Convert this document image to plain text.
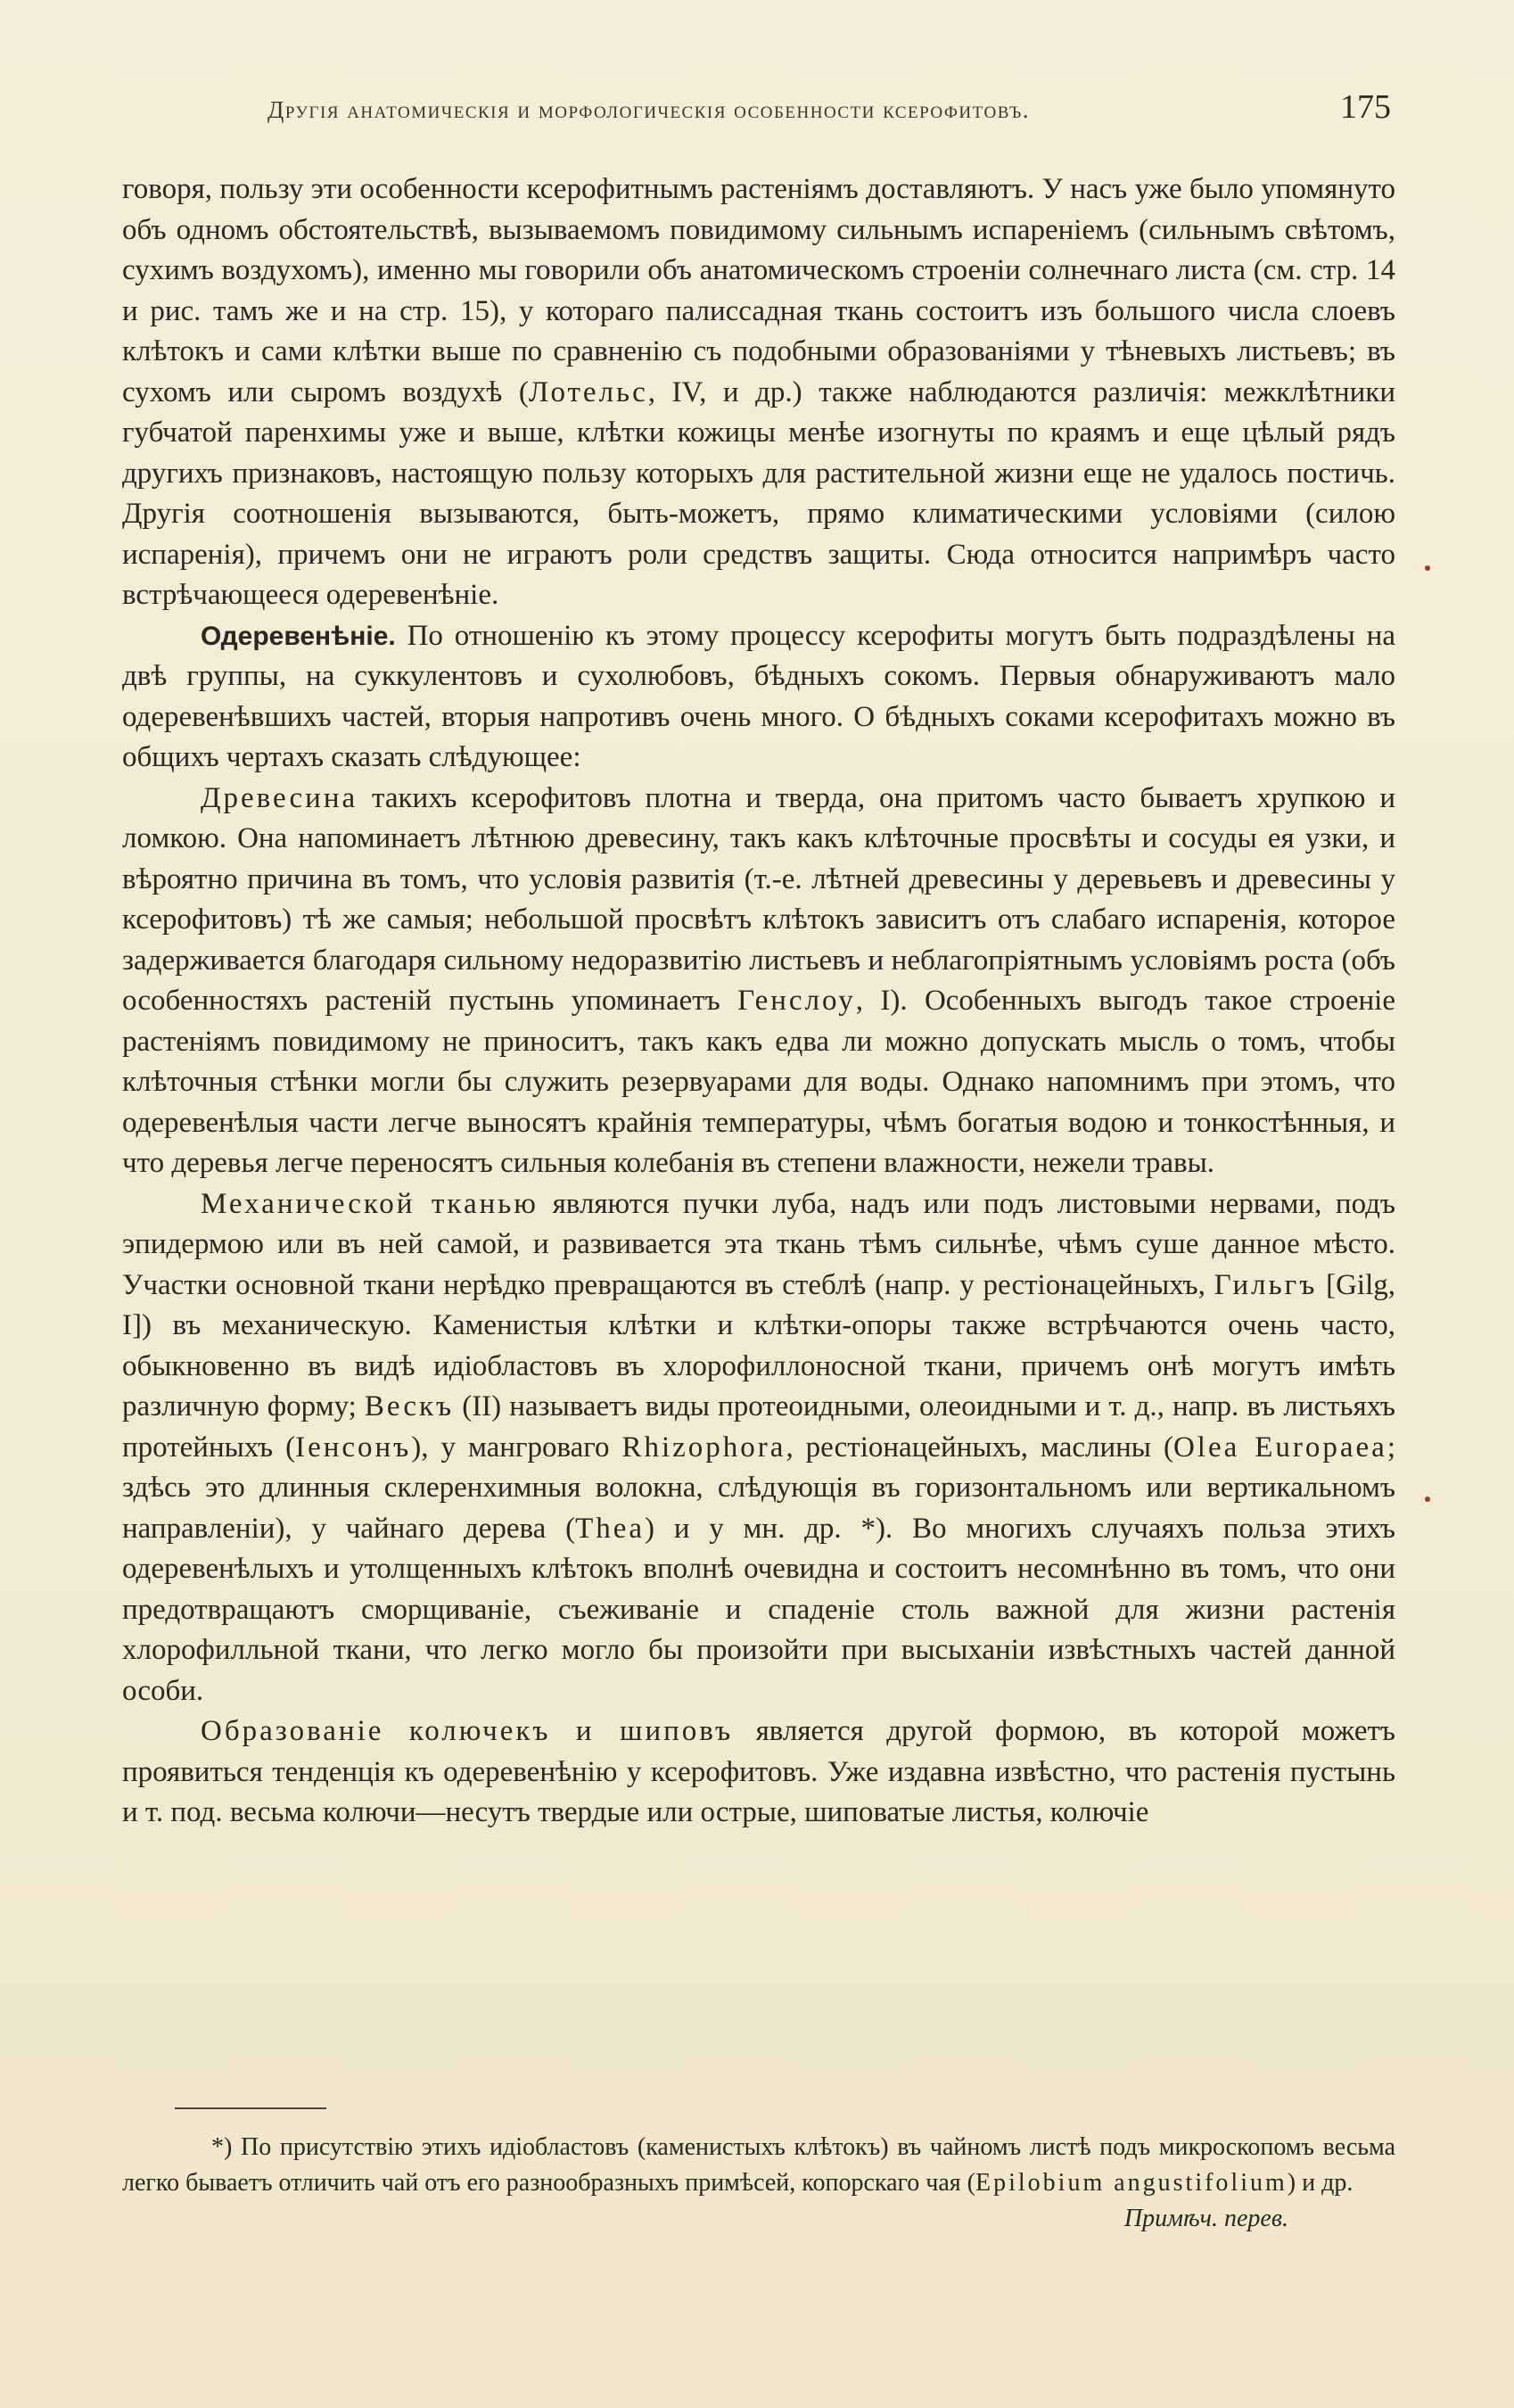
Другія анатомическія и морфологическія особенности ксерофитовъ.	175

говоря, пользу эти особенности ксерофитнымъ растеніямъ доставляютъ. У насъ уже было упомянуто объ одномъ обстоятельствѣ, вызываемомъ повидимому сильнымъ испареніемъ (сильнымъ свѣтомъ, сухимъ воздухомъ), именно мы говорили объ анатомическомъ строеніи солнечнаго листа (см. стр. 14 и рис. тамъ же и на стр. 15), у котораго палиссадная ткань состоитъ изъ большого числа слоевъ клѣтокъ и сами клѣтки выше по сравненію съ подобными образованіями у тѣневыхъ листьевъ; въ сухомъ или сыромъ воздухѣ (Лотельс, IV, и др.) также наблюдаются различія: межклѣтники губчатой паренхимы уже и выше, клѣтки кожицы менѣе изогнуты по краямъ и еще цѣлый рядъ другихъ признаковъ, настоящую пользу которыхъ для растительной жизни еще не удалось постичь. Другія соотношенія вызываются, быть-можетъ, прямо климатическими условіями (силою испаренія), причемъ они не играютъ роли средствъ защиты. Сюда относится напримѣръ часто встрѣчающееся одеревенѣніе.

Одеревенѣніе. По отношенію къ этому процессу ксерофиты могутъ быть подраздѣлены на двѣ группы, на суккулентовъ и сухолюбовъ, бѣдныхъ сокомъ. Первыя обнаруживаютъ мало одеревенѣвшихъ частей, вторыя напротивъ очень много. О бѣдныхъ соками ксерофитахъ можно въ общихъ чертахъ сказать слѣдующее:

Древесина такихъ ксерофитовъ плотна и тверда, она притомъ часто бываетъ хрупкою и ломкою. Она напоминаетъ лѣтнюю древесину, такъ какъ клѣточные просвѣты и сосуды ея узки, и вѣроятно причина въ томъ, что условія развитія (т.-е. лѣтней древесины у деревьевъ и древесины у ксерофитовъ) тѣ же самыя; небольшой просвѣтъ клѣтокъ зависитъ отъ слабаго испаренія, которое задерживается благодаря сильному недоразвитію листьевъ и неблагопріятнымъ условіямъ роста (объ особенностяхъ растеній пустынь упоминаетъ Генслоу, I). Особенныхъ выгодъ такое строеніе растеніямъ повидимому не приноситъ, такъ какъ едва ли можно допускать мысль о томъ, чтобы клѣточныя стѣнки могли бы служить резервуарами для воды. Однако напомнимъ при этомъ, что одеревенѣлыя части легче выносятъ крайнія температуры, чѣмъ богатыя водою и тонкостѣнныя, и что деревья легче переносятъ сильныя колебанія въ степени влажности, нежели травы.

Механической тканью являются пучки луба, надъ или подъ листовыми нервами, подъ эпидермою или въ ней самой, и развивается эта ткань тѣмъ сильнѣе, чѣмъ суше данное мѣсто. Участки основной ткани нерѣдко превращаются въ стеблѣ (напр. у рестіонацейныхъ, Гильгъ [Gilg, I]) въ механическую. Каменистыя клѣтки и клѣтки-опоры также встрѣчаются очень часто, обыкновенно въ видѣ идіобластовъ въ хлорофиллоносной ткани, причемъ онѣ могутъ имѣть различную форму; Вескъ (II) называетъ виды протеоидными, олеоидными и т. д., напр. въ листьяхъ протейныхъ (Іенсонъ), у мангроваго Rhizophora, рестіонацейныхъ, маслины (Olea Europaea; здѣсь это длинныя склеренхимныя волокна, слѣдующія въ горизонтальномъ или вертикальномъ направленіи), у чайнаго дерева (Thea) и у мн. др. *). Во многихъ случаяхъ польза этихъ одеревенѣлыхъ и утолщенныхъ клѣтокъ вполнѣ очевидна и состоитъ несомнѣнно въ томъ, что они предотвращаютъ сморщиваніе, съеживаніе и спаденіе столь важной для жизни растенія хлорофилльной ткани, что легко могло бы произойти при высыханіи извѣстныхъ частей данной особи.

Образованіе колючекъ и шиповъ является другой формою, въ которой можетъ проявиться тенденція къ одеревенѣнію у ксерофитовъ. Уже издавна извѣстно, что растенія пустынь и т. под. весьма колючи—несутъ твердые или острые, шиповатые листья, колючіе

*) По присутствію этихъ идіобластовъ (каменистыхъ клѣтокъ) въ чайномъ листѣ подъ микроскопомъ весьма легко бываетъ отличить чай отъ его разнообразныхъ примѣсей, копорскаго чая (Epilobium angustifolium) и др.
Примѣч. перев.
